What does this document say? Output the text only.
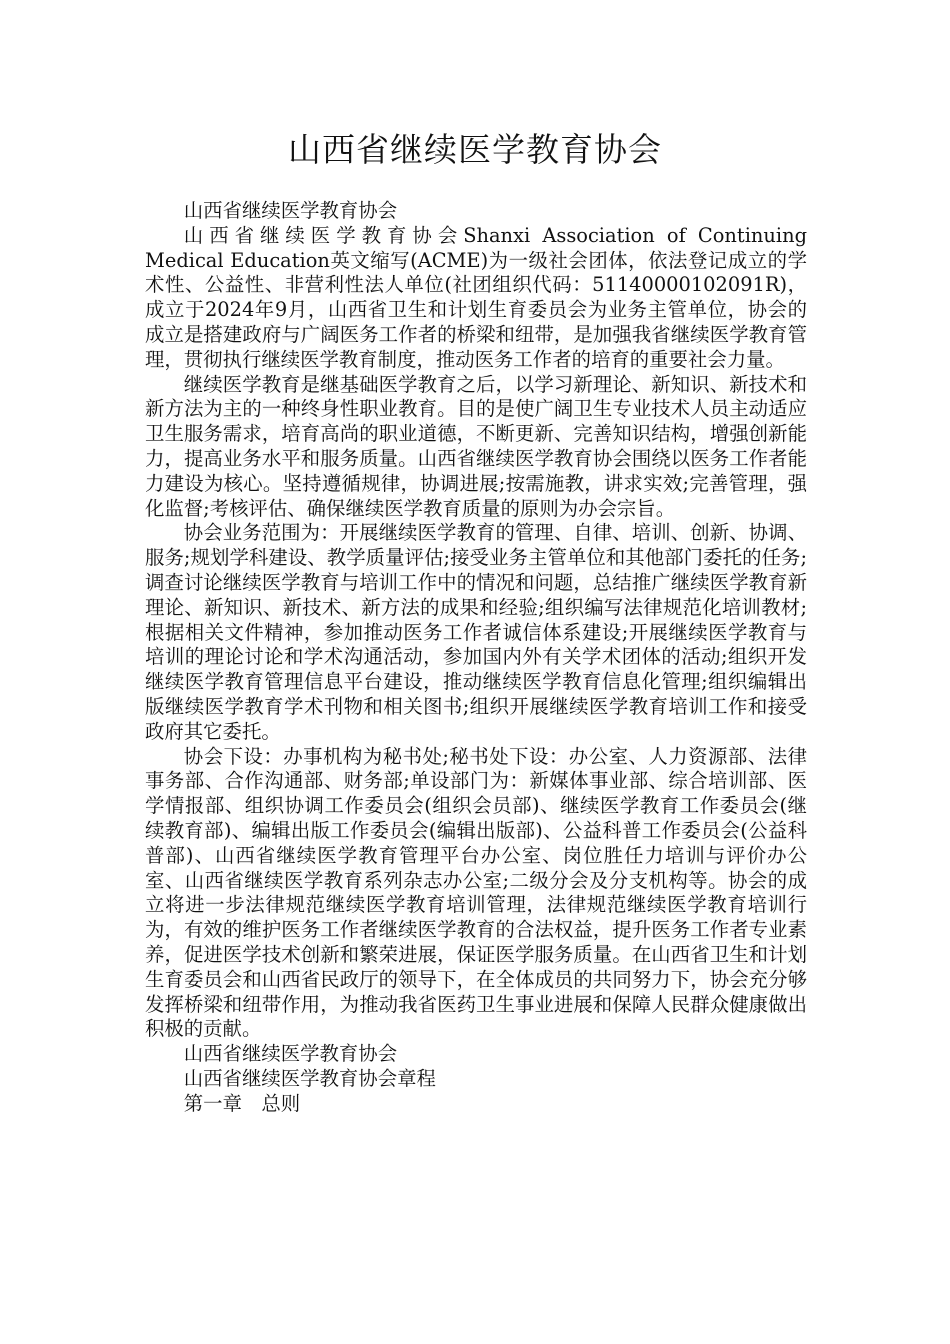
山西省继续医学教育协会

山西省继续医学教育协会

山西省继续医学教育协会Shanxi Association of Continuing Medical Education英文缩写(ACME)为一级社会团体，依法登记成立的学术性、公益性、非营利性法人单位(社团组织代码：51140000102091R)，成立于2024年9月，山西省卫生和计划生育委员会为业务主管单位，协会的成立是搭建政府与广阔医务工作者的桥梁和纽带，是加强我省继续医学教育管理，贯彻执行继续医学教育制度，推动医务工作者的培育的重要社会力量。

继续医学教育是继基础医学教育之后，以学习新理论、新知识、新技术和新方法为主的一种终身性职业教育。目的是使广阔卫生专业技术人员主动适应卫生服务需求，培育高尚的职业道德，不断更新、完善知识结构，增强创新能力，提高业务水平和服务质量。山西省继续医学教育协会围绕以医务工作者能力建设为核心。坚持遵循规律，协调进展;按需施教，讲求实效;完善管理，强化监督;考核评估、确保继续医学教育质量的原则为办会宗旨。

协会业务范围为：开展继续医学教育的管理、自律、培训、创新、协调、服务;规划学科建设、教学质量评估;接受业务主管单位和其他部门委托的任务;调查讨论继续医学教育与培训工作中的情况和问题，总结推广继续医学教育新理论、新知识、新技术、新方法的成果和经验;组织编写法律规范化培训教材;根据相关文件精神，参加推动医务工作者诚信体系建设;开展继续医学教育与培训的理论讨论和学术沟通活动，参加国内外有关学术团体的活动;组织开发继续医学教育管理信息平台建设，推动继续医学教育信息化管理;组织编辑出版继续医学教育学术刊物和相关图书;组织开展继续医学教育培训工作和接受政府其它委托。

协会下设：办事机构为秘书处;秘书处下设：办公室、人力资源部、法律事务部、合作沟通部、财务部;单设部门为：新媒体事业部、综合培训部、医学情报部、组织协调工作委员会(组织会员部)、继续医学教育工作委员会(继续教育部)、编辑出版工作委员会(编辑出版部)、公益科普工作委员会(公益科普部)、山西省继续医学教育管理平台办公室、岗位胜任力培训与评价办公室、山西省继续医学教育系列杂志办公室;二级分会及分支机构等。协会的成立将进一步法律规范继续医学教育培训管理，法律规范继续医学教育培训行为，有效的维护医务工作者继续医学教育的合法权益，提升医务工作者专业素养，促进医学技术创新和繁荣进展，保证医学服务质量。在山西省卫生和计划生育委员会和山西省民政厅的领导下，在全体成员的共同努力下，协会充分够发挥桥梁和纽带作用，为推动我省医药卫生事业进展和保障人民群众健康做出积极的贡献。

山西省继续医学教育协会

山西省继续医学教育协会章程

第一章　总则
